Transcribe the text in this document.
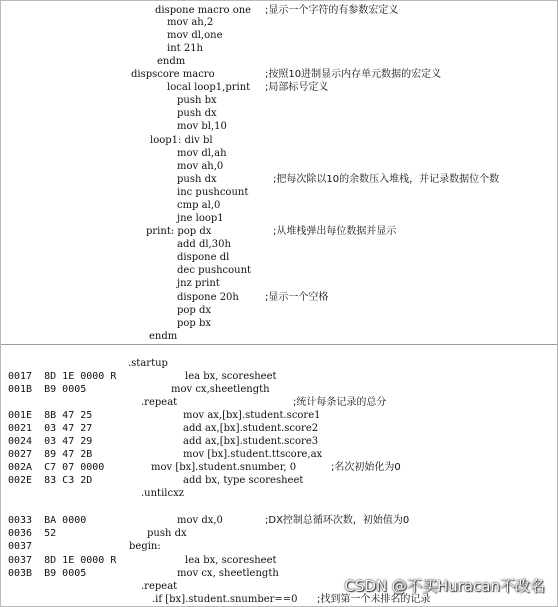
dispone macro one ;显示一个字符的有参数宏定义
mov ah,2
mov dl,one
int 21h
endm
dispscore macro	;按照10进制显示内存单元数据的宏定义
local loop1,print ;局部标号定义
push bx
push dx
mov bl,10
loop1: div bl
mov dl,ah
mov ah,0
push dx	;把每次除以10的余数压入堆栈，并记录数据位个数
inc pushcount
cmp al,0
jne loop1
print: pop dx	;从堆栈弹出每位数据并显示
add dl,30h
dispone dl
dec pushcount
jnz print
dispone 20h	;显示一个空格
pop dx
pop bx
endm
.startup
0017  8D 1E 0000 R	lea bx, scoresheet
001B  B9 0005	mov cx,sheetlength
.repeat	;统计每条记录的总分
001E  8B 47 25	mov ax,[bx].student.score1
0021  03 47 27	add ax,[bx].student.score2
0024  03 47 29	add ax,[bx].student.score3
0027  89 47 2B	mov [bx].student.ttscore,ax
002A  C7 07 0000	mov [bx].student.snumber, 0	;名次初始化为0
002E  83 C3 2D	add bx, type scoresheet
.untilcxz
0033  BA 0000	mov dx,0	;DX控制总循环次数，初始值为0
0036  52	push dx
0037	begin:
0037  8D 1E 0000 R	lea bx, scoresheet
003B  B9 0005	mov cx, sheetlength
.repeat
.if [bx].student.snumber==0 ;找到第一个未排名的记录
CSDN @不买Huracan不改名
